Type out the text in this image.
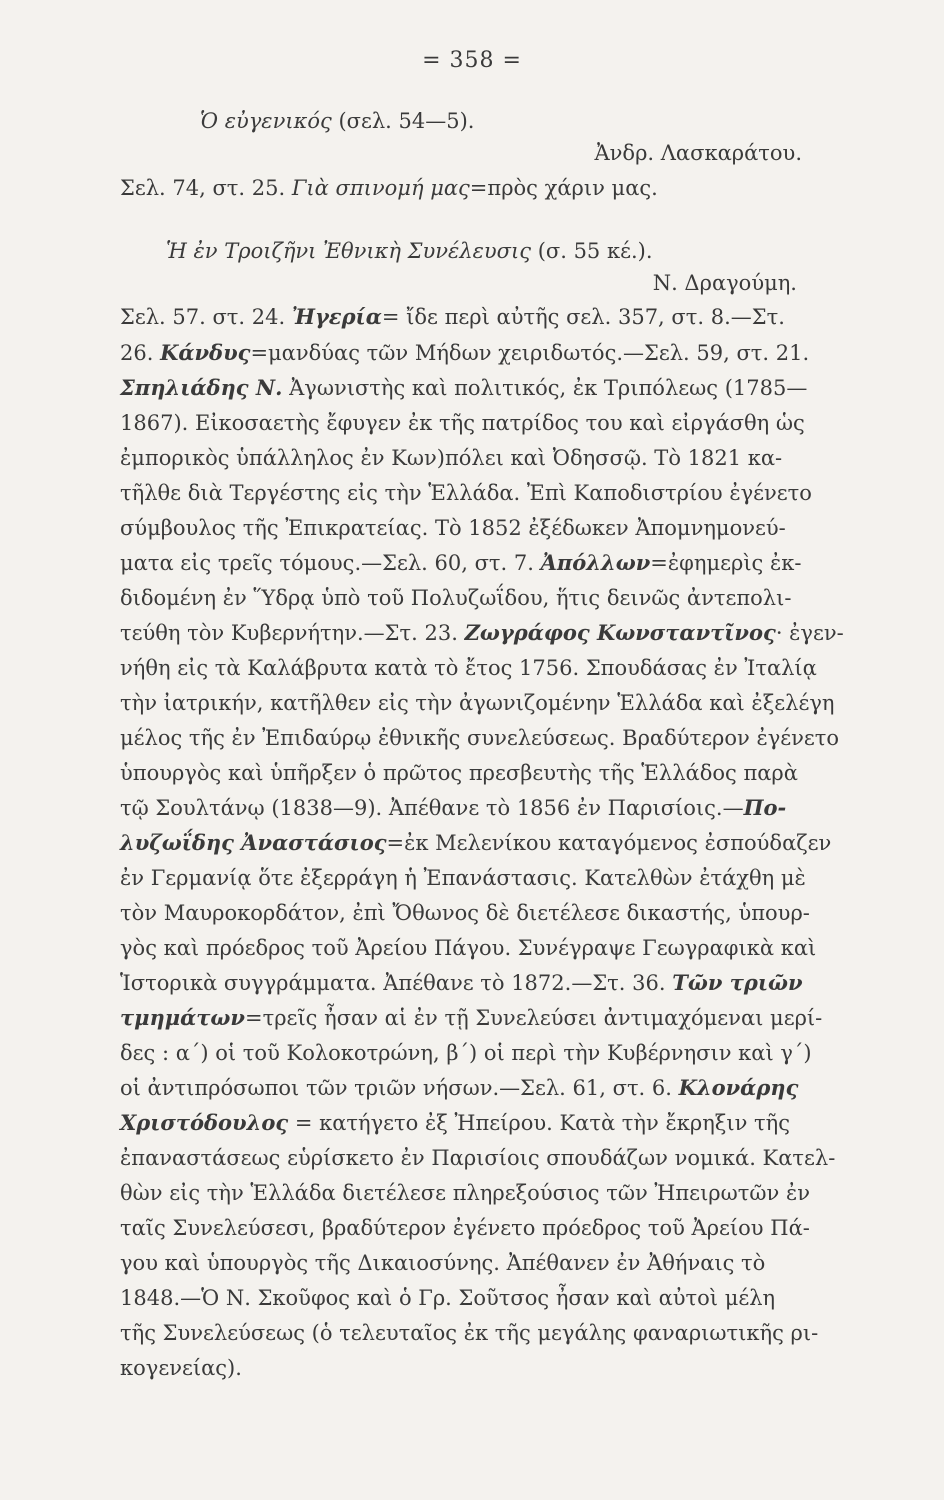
= 358 =
Ὁ εὐγενικός (σελ. 54—5).
Ἀνδρ. Λασκαράτου.
Σελ. 74, στ. 25. Γιὰ σπινομή μας=πρὸς χάριν μας.
Ἡ ἐν Τροιζῆνι Ἐθνικὴ Συνέλευσις (σ. 55 κέ.).
Ν. Δραγούμη.
Σελ. 57. στ. 24. Ἠγερία= ἴδε περὶ αὐτῆς σελ. 357, στ. 8.—Στ.
26. Κάνδυς=μανδύας τῶν Μήδων χειριδωτός.—Σελ. 59, στ. 21.
Σπηλιάδης Ν. Ἀγωνιστὴς καὶ πολιτικός, ἐκ Τριπόλεως (1785—
1867). Εἰκοσαετὴς ἔφυγεν ἐκ τῆς πατρίδος του καὶ εἰργάσθη ὡς
ἐμπορικὸς ὑπάλληλος ἐν Κων)πόλει καὶ Ὀδησσῷ. Τὸ 1821 κα-
τῆλθε διὰ Τεργέστης εἰς τὴν Ἑλλάδα. Ἐπὶ Καποδιστρίου ἐγένετο
σύμβουλος τῆς Ἐπικρατείας. Τὸ 1852 ἐξέδωκεν Ἀπομνημονεύ-
ματα εἰς τρεῖς τόμους.—Σελ. 60, στ. 7. Ἀπόλλων=ἐφημερὶς ἐκ-
διδομένη ἐν Ὕδρᾳ ὑπὸ τοῦ Πολυζωΐδου, ἥτις δεινῶς ἀντεπολι-
τεύθη τὸν Κυβερνήτην.—Στ. 23. Ζωγράφος Κωνσταντῖνος· ἐγεν-
νήθη εἰς τὰ Καλάβρυτα κατὰ τὸ ἔτος 1756. Σπουδάσας ἐν Ἰταλίᾳ
τὴν ἰατρικήν, κατῆλθεν εἰς τὴν ἀγωνιζομένην Ἑλλάδα καὶ ἐξελέγη
μέλος τῆς ἐν Ἐπιδαύρῳ ἐθνικῆς συνελεύσεως. Βραδύτερον ἐγένετο
ὑπουργὸς καὶ ὑπῆρξεν ὁ πρῶτος πρεσβευτὴς τῆς Ἑλλάδος παρὰ
τῷ Σουλτάνῳ (1838—9). Ἀπέθανε τὸ 1856 ἐν Παρισίοις.—Πο-
λυζωΐδης Ἀναστάσιος=ἐκ Μελενίκου καταγόμενος ἐσπούδαζεν
ἐν Γερμανίᾳ ὅτε ἐξερράγη ἡ Ἐπανάστασις. Κατελθὼν ἐτάχθη μὲ
τὸν Μαυροκορδάτον, ἐπὶ Ὄθωνος δὲ διετέλεσε δικαστής, ὑπουρ-
γὸς καὶ πρόεδρος τοῦ Ἀρείου Πάγου. Συνέγραψε Γεωγραφικὰ καὶ
Ἱστορικὰ συγγράμματα. Ἀπέθανε τὸ 1872.—Στ. 36. Τῶν τριῶν
τμημάτων=τρεῖς ἦσαν αἱ ἐν τῇ Συνελεύσει ἀντιμαχόμεναι μερί-
δες : α΄) οἱ τοῦ Κολοκοτρώνη, β΄) οἱ περὶ τὴν Κυβέρνησιν καὶ γ΄)
οἱ ἀντιπρόσωποι τῶν τριῶν νήσων.—Σελ. 61, στ. 6. Κλονάρης
Χριστόδουλος = κατήγετο ἐξ Ἠπείρου. Κατὰ τὴν ἔκρηξιν τῆς
ἐπαναστάσεως εὑρίσκετο ἐν Παρισίοις σπουδάζων νομικά. Κατελ-
θὼν εἰς τὴν Ἑλλάδα διετέλεσε πληρεξούσιος τῶν Ἠπειρωτῶν ἐν
ταῖς Συνελεύσεσι, βραδύτερον ἐγένετο πρόεδρος τοῦ Ἀρείου Πά-
γου καὶ ὑπουργὸς τῆς Δικαιοσύνης. Ἀπέθανεν ἐν Ἀθήναις τὸ
1848.—Ὁ Ν. Σκοῦφος καὶ ὁ Γρ. Σοῦτσος ἦσαν καὶ αὐτοὶ μέλη
τῆς Συνελεύσεως (ὁ τελευταῖος ἐκ τῆς μεγάλης φαναριωτικῆς ρι-
κογενείας).
